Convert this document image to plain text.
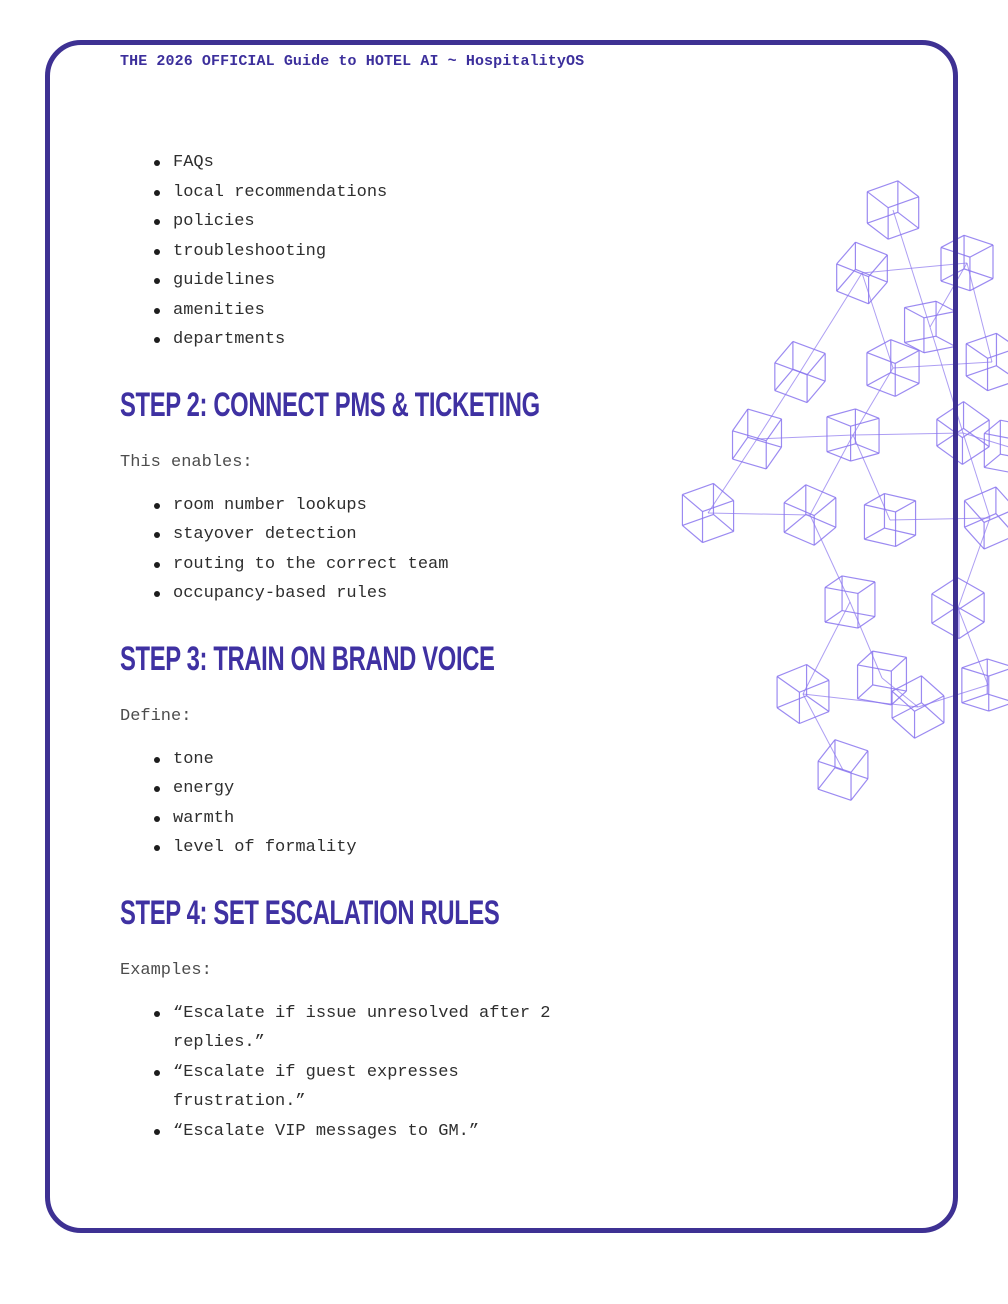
THE 2026 OFFICIAL Guide to HOTEL AI ~ HospitalityOS
FAQs
local recommendations
policies
troubleshooting
guidelines
amenities
departments
STEP 2: CONNECT PMS & TICKETING

This enables:

room number lookups
stayover detection
routing to the correct team
occupancy-based rules
STEP 3: TRAIN ON BRAND VOICE

Define:

tone
energy
warmth
level of formality
STEP 4: SET ESCALATION RULES

Examples:

“Escalate if issue unresolved after 2 replies.”
“Escalate if guest expresses frustration.”
“Escalate VIP messages to GM.”
